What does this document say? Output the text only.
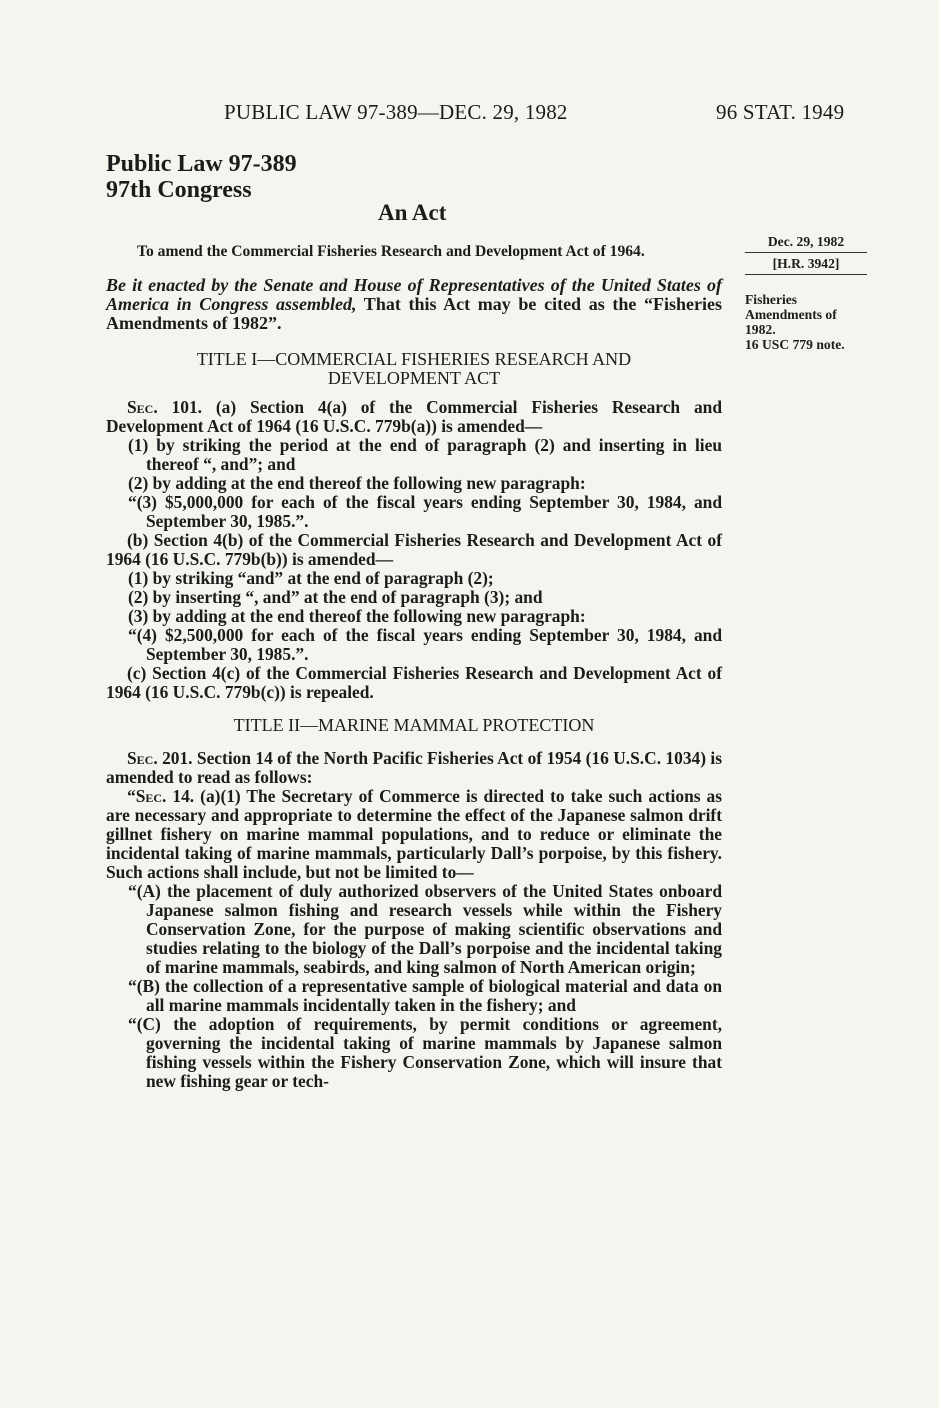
PUBLIC LAW 97-389—DEC. 29, 1982	96 STAT. 1949
Public Law 97-389
97th Congress
An Act
To amend the Commercial Fisheries Research and Development Act of 1964.
Dec. 29, 1982
[H.R. 3942]
Fisheries
Amendments of
1982.
16 USC 779 note.
Be it enacted by the Senate and House of Representatives of the United States of America in Congress assembled, That this Act may be cited as the “Fisheries Amendments of 1982”.

TITLE I—COMMERCIAL FISHERIES RESEARCH AND DEVELOPMENT ACT

Sec. 101. (a) Section 4(a) of the Commercial Fisheries Research and Development Act of 1964 (16 U.S.C. 779b(a)) is amended—

(1) by striking the period at the end of paragraph (2) and inserting in lieu thereof “, and”; and

(2) by adding at the end thereof the following new paragraph:

“(3) $5,000,000 for each of the fiscal years ending September 30, 1984, and September 30, 1985.”.

(b) Section 4(b) of the Commercial Fisheries Research and Development Act of 1964 (16 U.S.C. 779b(b)) is amended—

(1) by striking “and” at the end of paragraph (2);

(2) by inserting “, and” at the end of paragraph (3); and

(3) by adding at the end thereof the following new paragraph:

“(4) $2,500,000 for each of the fiscal years ending September 30, 1984, and September 30, 1985.”.

(c) Section 4(c) of the Commercial Fisheries Research and Development Act of 1964 (16 U.S.C. 779b(c)) is repealed.

TITLE II—MARINE MAMMAL PROTECTION

Sec. 201. Section 14 of the North Pacific Fisheries Act of 1954 (16 U.S.C. 1034) is amended to read as follows:

“Sec. 14. (a)(1) The Secretary of Commerce is directed to take such actions as are necessary and appropriate to determine the effect of the Japanese salmon drift gillnet fishery on marine mammal populations, and to reduce or eliminate the incidental taking of marine mammals, particularly Dall’s porpoise, by this fishery. Such actions shall include, but not be limited to—

“(A) the placement of duly authorized observers of the United States onboard Japanese salmon fishing and research vessels while within the Fishery Conservation Zone, for the purpose of making scientific observations and studies relating to the biology of the Dall’s porpoise and the incidental taking of marine mammals, seabirds, and king salmon of North American origin;

“(B) the collection of a representative sample of biological material and data on all marine mammals incidentally taken in the fishery; and

“(C) the adoption of requirements, by permit conditions or agreement, governing the incidental taking of marine mammals by Japanese salmon fishing vessels within the Fishery Conservation Zone, which will insure that new fishing gear or tech-
